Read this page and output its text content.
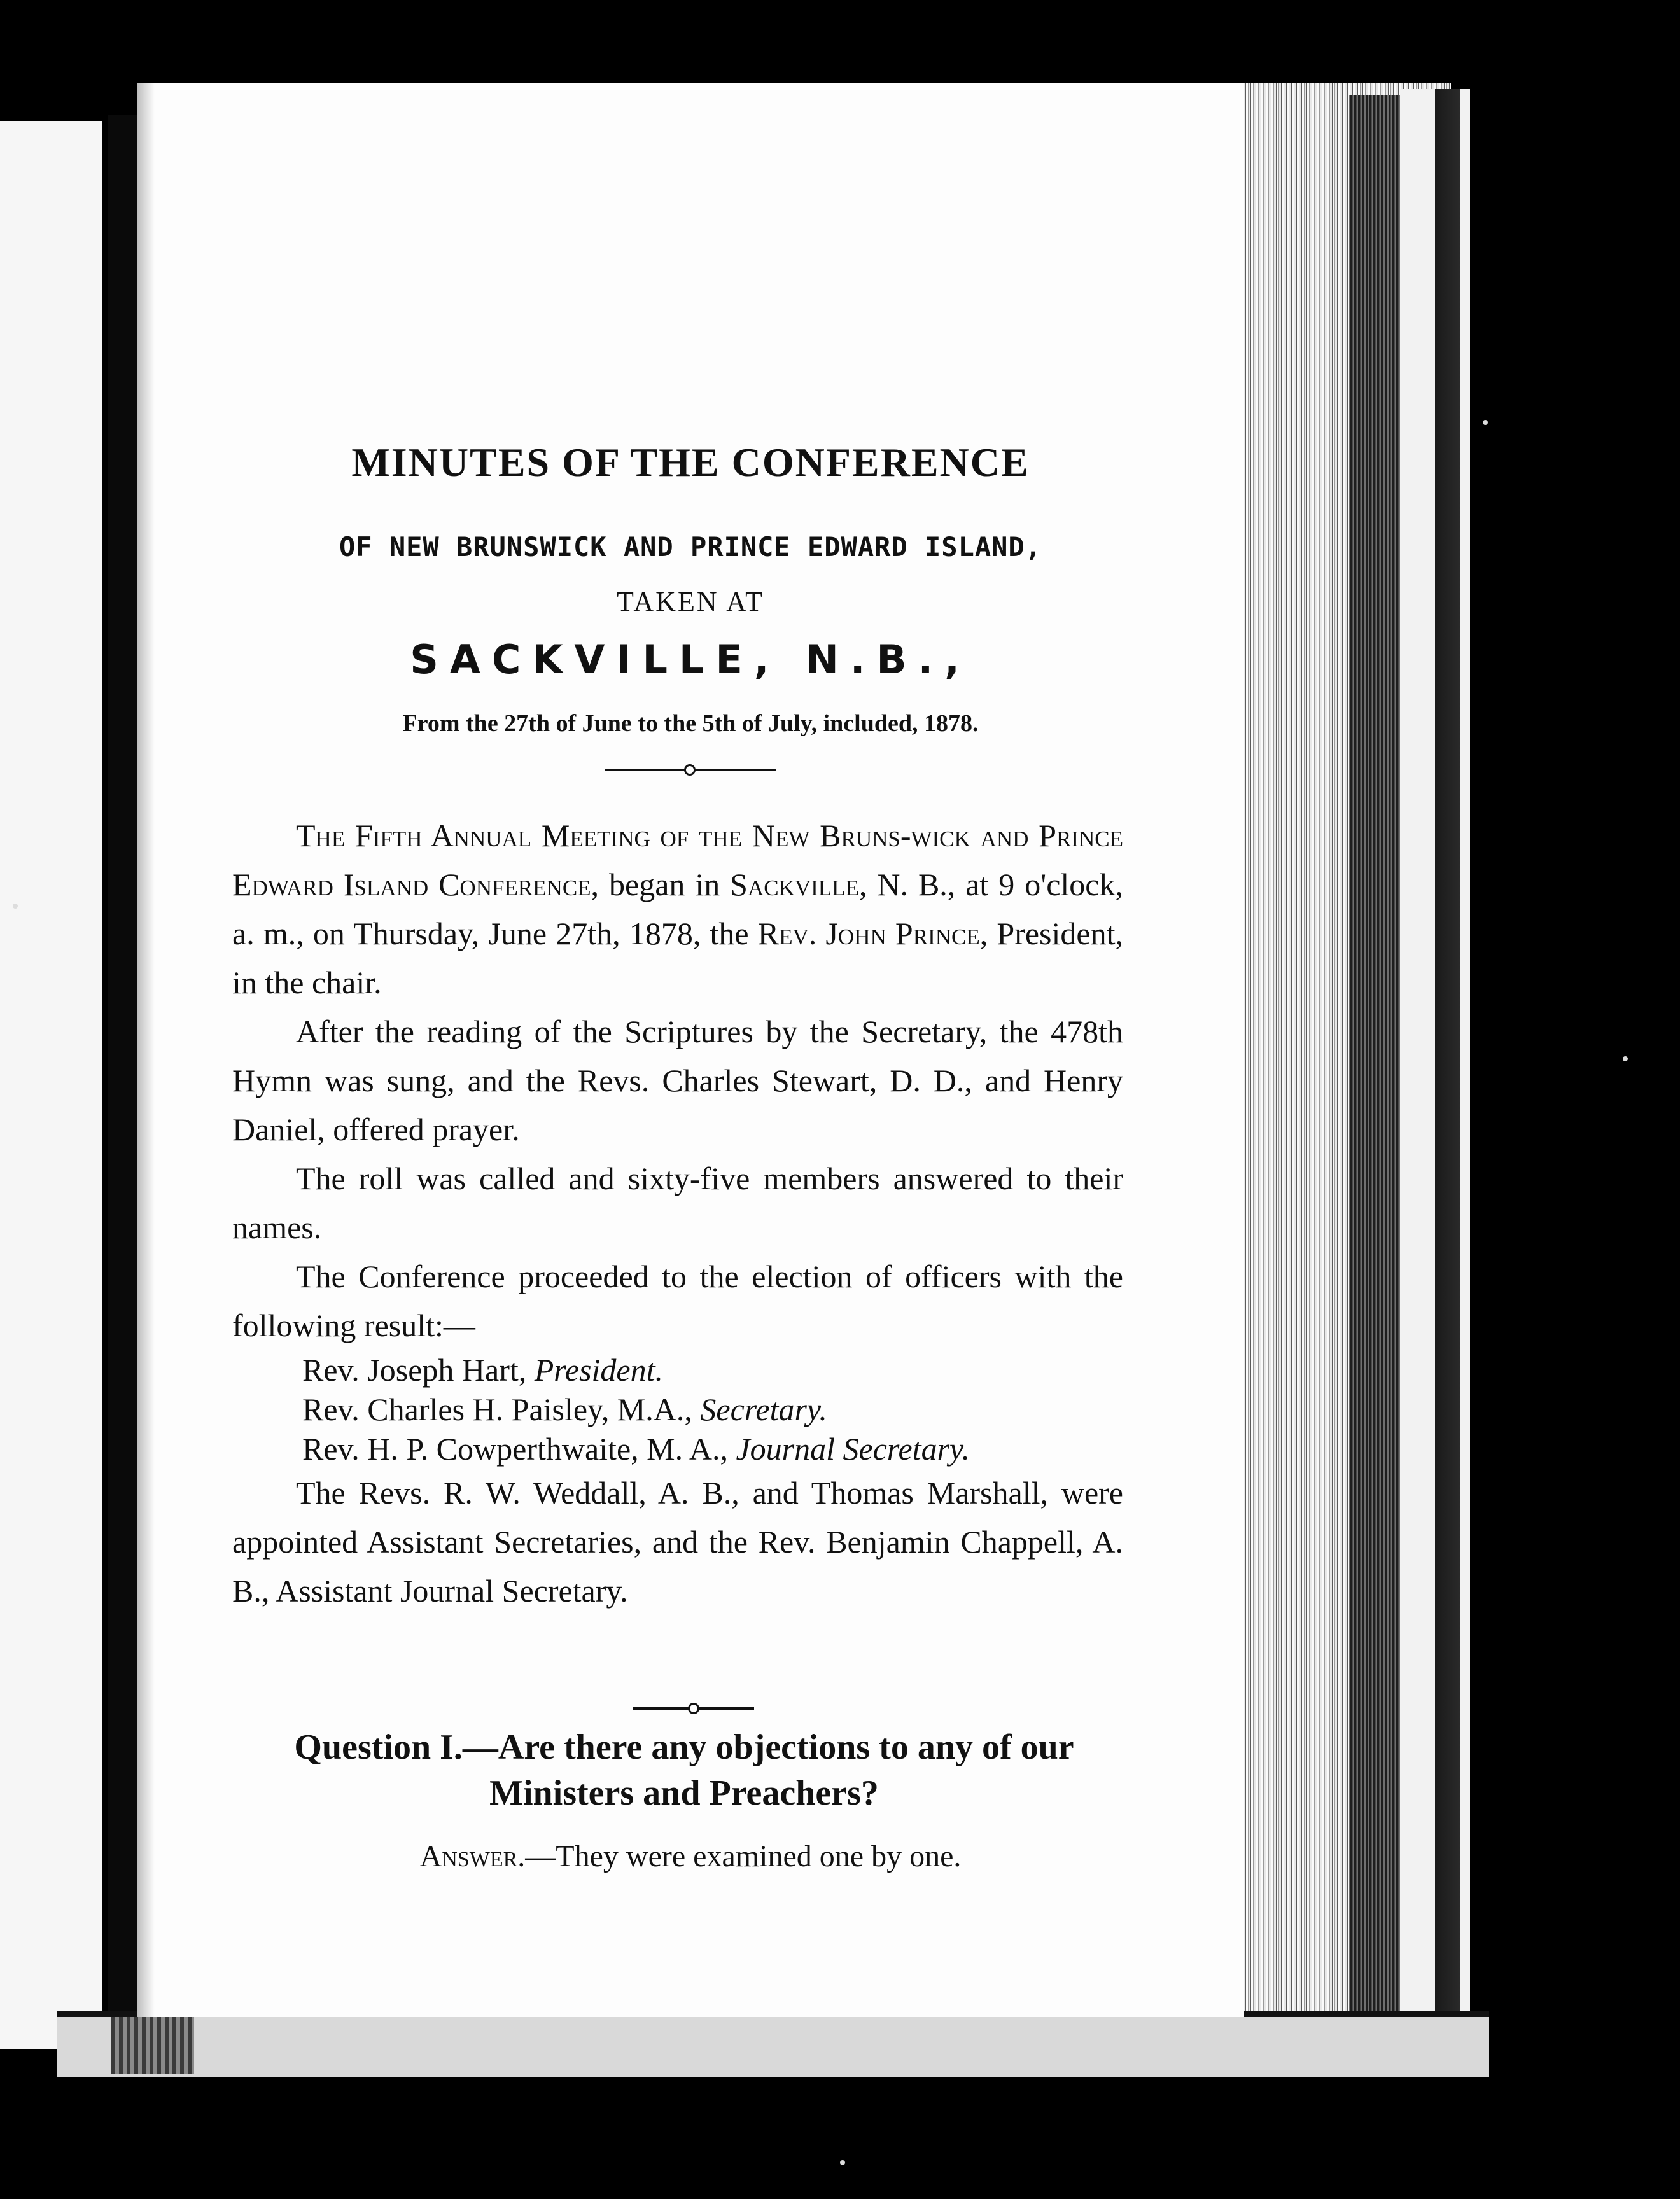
MINUTES OF THE CONFERENCE
OF NEW BRUNSWICK AND PRINCE EDWARD ISLAND,
TAKEN AT
SACKVILLE, N.B.,
From the 27th of June to the 5th of July, included, 1878.

The Fifth Annual Meeting of the New Bruns-wick and Prince Edward Island Conference, began in Sackville, N. B., at 9 o'clock, a. m., on Thursday, June 27th, 1878, the Rev. John Prince, President, in the chair.

After the reading of the Scriptures by the Secretary, the 478th Hymn was sung, and the Revs. Charles Stewart, D. D., and Henry Daniel, offered prayer.

The roll was called and sixty-five members answered to their names.

The Conference proceeded to the election of officers with the following result:—

Rev. Joseph Hart, President.
Rev. Charles H. Paisley, M.A., Secretary.
Rev. H. P. Cowperthwaite, M. A., Journal Secretary.

The Revs. R. W. Weddall, A. B., and Thomas Marshall, were appointed Assistant Secretaries, and the Rev. Benjamin Chappell, A. B., Assistant Journal Secretary.

Question I.—Are there any objections to any of our Ministers and Preachers?
Answer.—They were examined one by one.
